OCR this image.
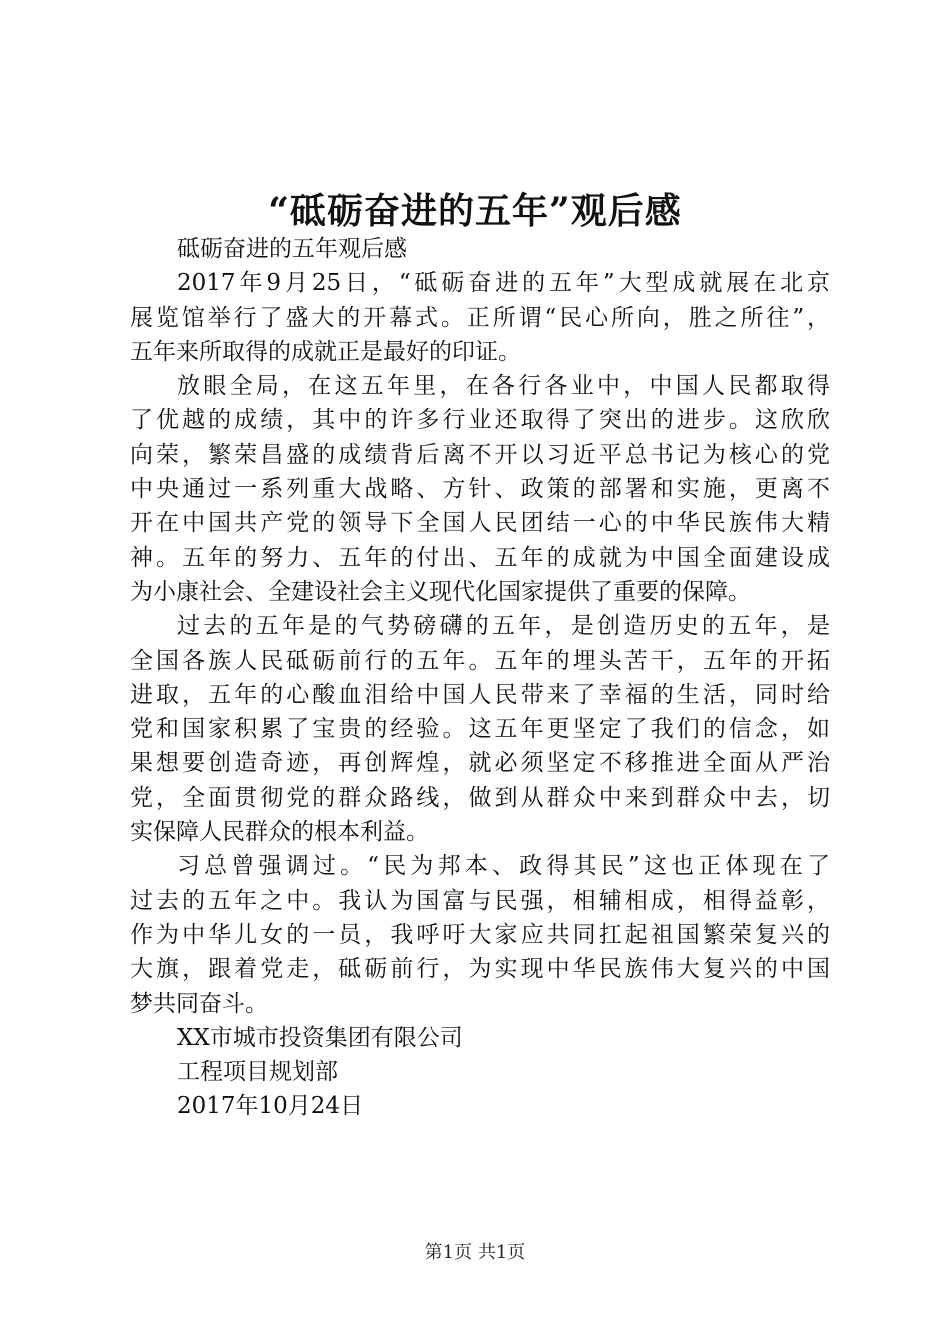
“砥砺奋进的五年”观后感

砥砺奋进的五年观后感

2017年9月25日，“砥砺奋进的五年”大型成就展在北京

展览馆举行了盛大的开幕式。正所谓“民心所向，胜之所往”，

五年来所取得的成就正是最好的印证。

放眼全局，在这五年里，在各行各业中，中国人民都取得

了优越的成绩，其中的许多行业还取得了突出的进步。这欣欣

向荣，繁荣昌盛的成绩背后离不开以习近平总书记为核心的党

中央通过一系列重大战略、方针、政策的部署和实施，更离不

开在中国共产党的领导下全国人民团结一心的中华民族伟大精

神。五年的努力、五年的付出、五年的成就为中国全面建设成

为小康社会、全建设社会主义现代化国家提供了重要的保障。

过去的五年是的气势磅礴的五年，是创造历史的五年，是

全国各族人民砥砺前行的五年。五年的埋头苦干，五年的开拓

进取，五年的心酸血泪给中国人民带来了幸福的生活，同时给

党和国家积累了宝贵的经验。这五年更坚定了我们的信念，如

果想要创造奇迹，再创辉煌，就必须坚定不移推进全面从严治

党，全面贯彻党的群众路线，做到从群众中来到群众中去，切

实保障人民群众的根本利益。

习总曾强调过。“民为邦本、政得其民”这也正体现在了

过去的五年之中。我认为国富与民强，相辅相成，相得益彰，

作为中华儿女的一员，我呼吁大家应共同扛起祖国繁荣复兴的

大旗，跟着党走，砥砺前行，为实现中华民族伟大复兴的中国

梦共同奋斗。

XX市城市投资集团有限公司

工程项目规划部

2017年10月24日

第1页 共1页
